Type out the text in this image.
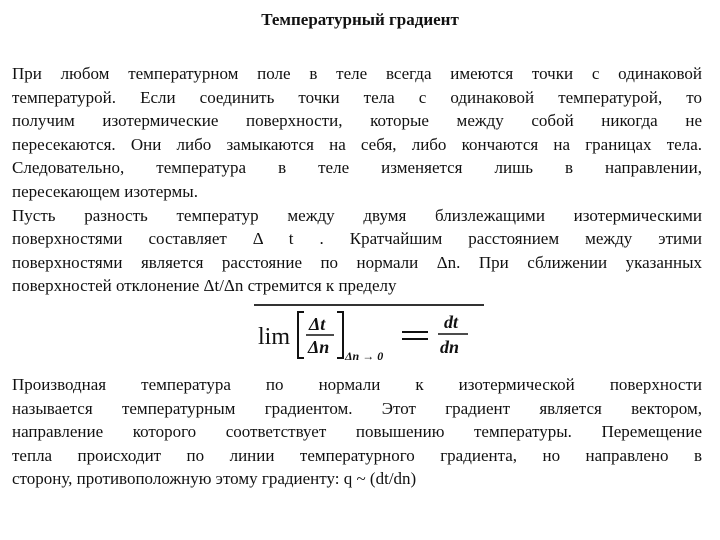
Температурный градиент
При любом температурном поле в теле всегда имеются точки с одинаковой
температурой. Если соединить точки тела с одинаковой температурой, то
получим изотермические поверхности, которые между собой никогда не
пересекаются. Они либо замыкаются на себя, либо кончаются на границах тела.
Следовательно, температура в теле изменяется лишь в направлении,
пересекающем изотермы.
Пусть разность температур между двумя близлежащими изотермическими
поверхностями составляет Δ t . Кратчайшим расстоянием между этими
поверхностями является расстояние по нормали Δn. При сближении указанных
поверхностей отклонение Δt/Δn стремится к пределу
lim Δt
Δn Δn → 0
dt
dn
Производная температура по нормали к изотермической поверхности
называется температурным градиентом. Этот градиент является вектором,
направление которого соответствует повышению температуры. Перемещение
тепла происходит по линии температурного градиента, но направлено в
сторону, противоположную этому градиенту: q ~ (dt/dn)
